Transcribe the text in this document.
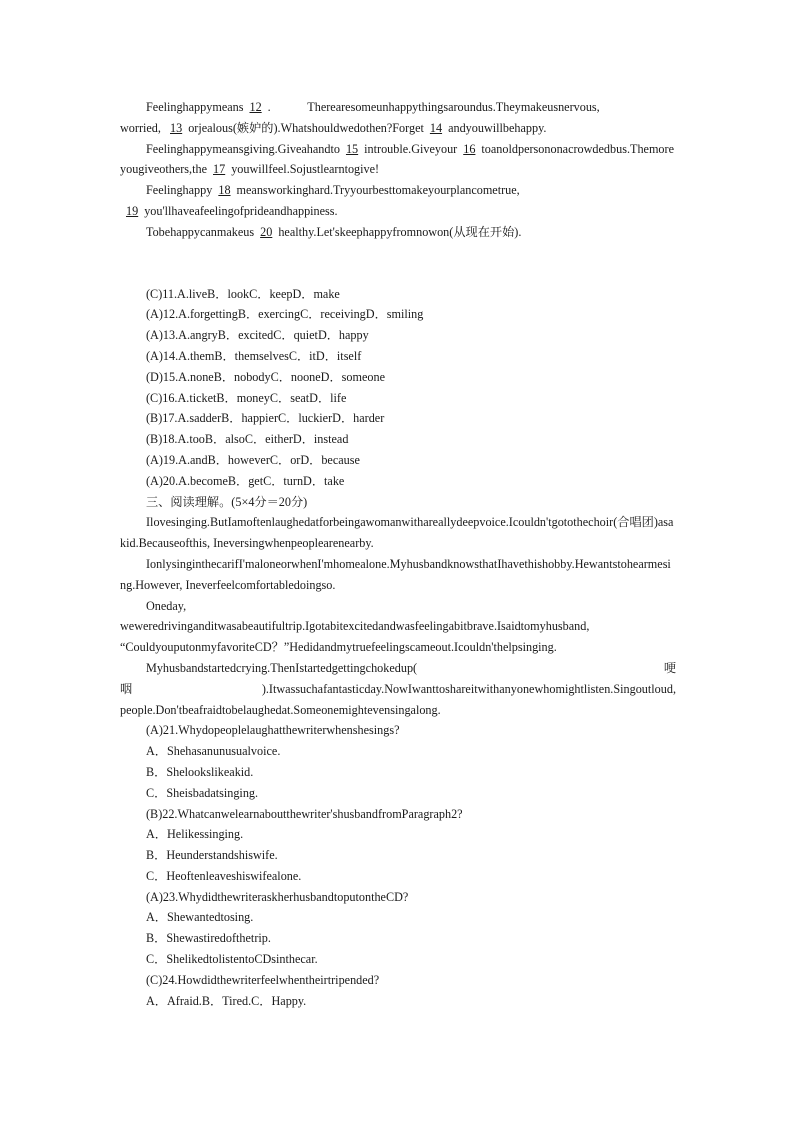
Feelinghappymeans 12 .	Therearesomeunhappythingsaroundus.Theymakeusnervous,

worried, 13 orjealous(嫉妒的).Whatshouldwedothen?Forget 14 andyouwillbehappy.

Feelinghappymeansgiving.Giveahandto 15 introuble.Giveyour 16 toanoldpersononacrowdedbus.Themoreyougiveothers,the 17 youwillfeel.Sojustlearntogive!

Feelinghappy 18 meansworkinghard.Tryyourbesttomakeyourplancometrue,

19 you'llhaveafeelingofprideandhappiness.

Tobehappycanmakeus 20 healthy.Let'skeephappyfromnowon(从现在开始).

(C)11.A.liveB．lookC．keepD．make

(A)12.A.forgettingB．exercingC．receivingD．smiling

(A)13.A.angryB．excitedC．quietD．happy

(A)14.A.themB．themselvesC．itD．itself

(D)15.A.noneB．nobodyC．nooneD．someone

(C)16.A.ticketB．moneyC．seatD．life

(B)17.A.sadderB．happierC．luckierD．harder

(B)18.A.tooB．alsoC．eitherD．instead

(A)19.A.andB．howeverC．orD．because

(A)20.A.becomeB．getC．turnD．take

三、阅读理解。(5×4分＝20分)

Ilovesinging.ButIamoftenlaughedatforbeingawomanwithareallydeepvoice.Icouldn'tgotothechoir(合唱团)asakid.Becauseofthis, Ineversingwhenpeoplearenearby.

IonlysinginthecarifI'maloneorwhenI'mhomealone.MyhusbandknowsthatIhavethishobby.Hewantstohearmesing.However, Ineverfeelcomfortabledoingso.

Oneday,

weweredrivinganditwasabeautifultrip.Igotabitexcitedandwasfeelingabitbrave.Isaidtomyhusband,

“CouldyouputonmyfavoriteCD？”Hedidandmytruefeelingscameout.Icouldn'thelpsinging.

Myhusbandstartedcrying.ThenIstartedgettingchokedup(	哽

咽	).Itwassuchafantasticday.NowIwanttoshareitwithanyonewhomightlisten.Singoutloud,

people.Don'tbeafraidtobelaughedat.Someonemightevensingalong.

(A)21.Whydopeoplelaughatthewriterwhenshesings?

A．Shehasanunusualvoice.

B．Shelookslikeakid.

C．Sheisbadatsinging.

(B)22.Whatcanwelearnaboutthewriter'shusbandfromParagraph2?

A．Helikessinging.

B．Heunderstandshiswife.

C．Heoftenleaveshiswifealone.

(A)23.WhydidthewriteraskherhusbandtoputontheCD?

A．Shewantedtosing.

B．Shewastiredofthetrip.

C．ShelikedtolistentoCDsinthecar.

(C)24.Howdidthewriterfeelwhentheirtripended?

A．Afraid.B．Tired.C．Happy.
